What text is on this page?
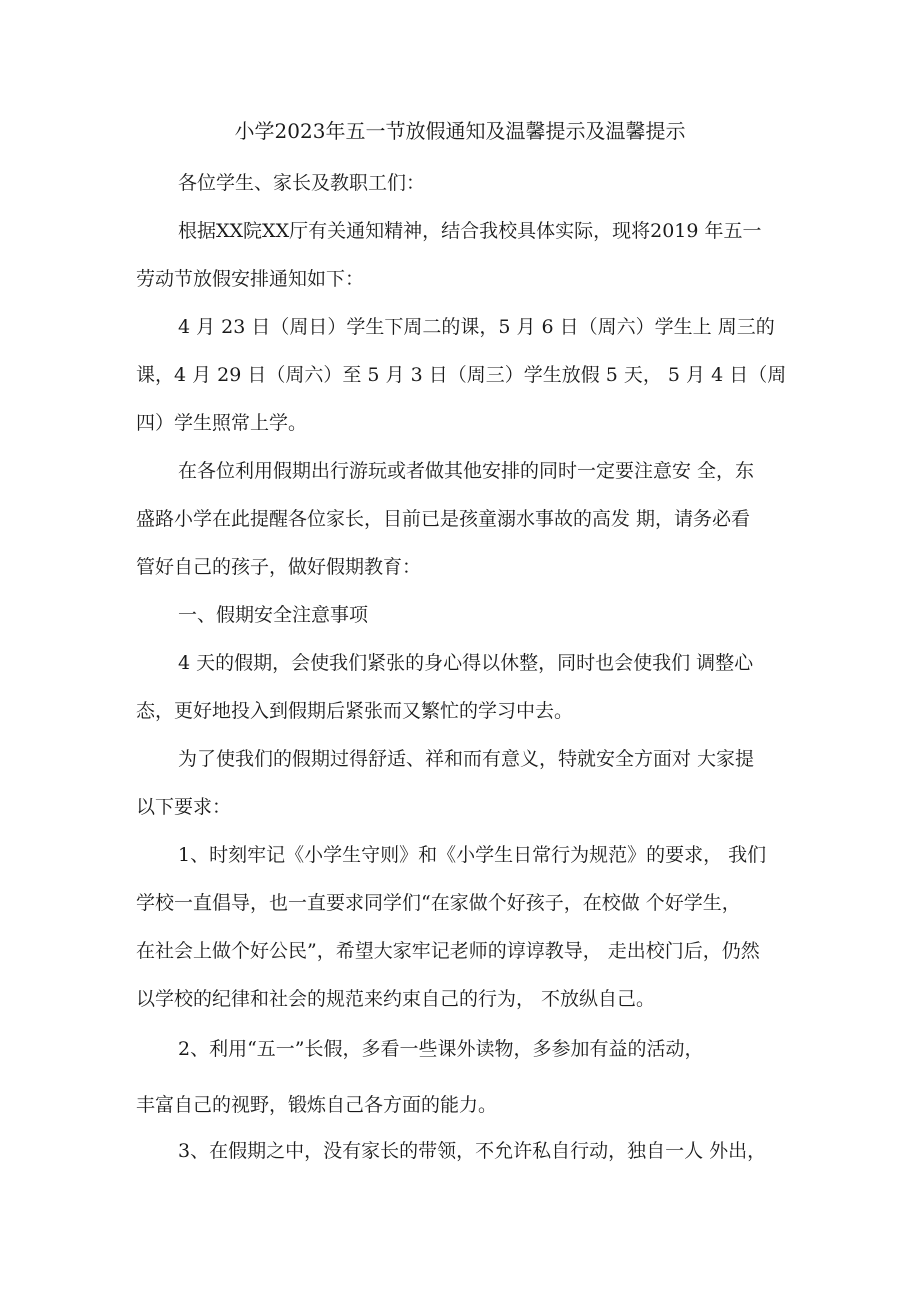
小学2023年五一节放假通知及温馨提示及温馨提示
各位学生、家长及教职工们：
根据XX院XX厅有关通知精神，结合我校具体实际，现将2019 年五一
劳动节放假安排通知如下：
4 月 23 日（周日）学生下周二的课，5 月 6 日（周六）学生上 周三的
课，4 月 29 日（周六）至 5 月 3 日（周三）学生放假 5 天， 5 月 4 日（周
四）学生照常上学。
在各位利用假期出行游玩或者做其他安排的同时一定要注意安 全，东
盛路小学在此提醒各位家长，目前已是孩童溺水事故的高发 期，请务必看
管好自己的孩子，做好假期教育：
一、假期安全注意事项
4 天的假期，会使我们紧张的身心得以休整，同时也会使我们 调整心
态，更好地投入到假期后紧张而又繁忙的学习中去。
为了使我们的假期过得舒适、祥和而有意义，特就安全方面对 大家提
以下要求：
1、时刻牢记《小学生守则》和《小学生日常行为规范》的要求， 我们
学校一直倡导，也一直要求同学们“在家做个好孩子，在校做 个好学生，
在社会上做个好公民”，希望大家牢记老师的谆谆教导， 走出校门后，仍然
以学校的纪律和社会的规范来约束自己的行为， 不放纵自己。
2、利用“五一”长假，多看一些课外读物，多参加有益的活动，
丰富自己的视野，锻炼自己各方面的能力。
3、在假期之中，没有家长的带领，不允许私自行动，独自一人 外出，
